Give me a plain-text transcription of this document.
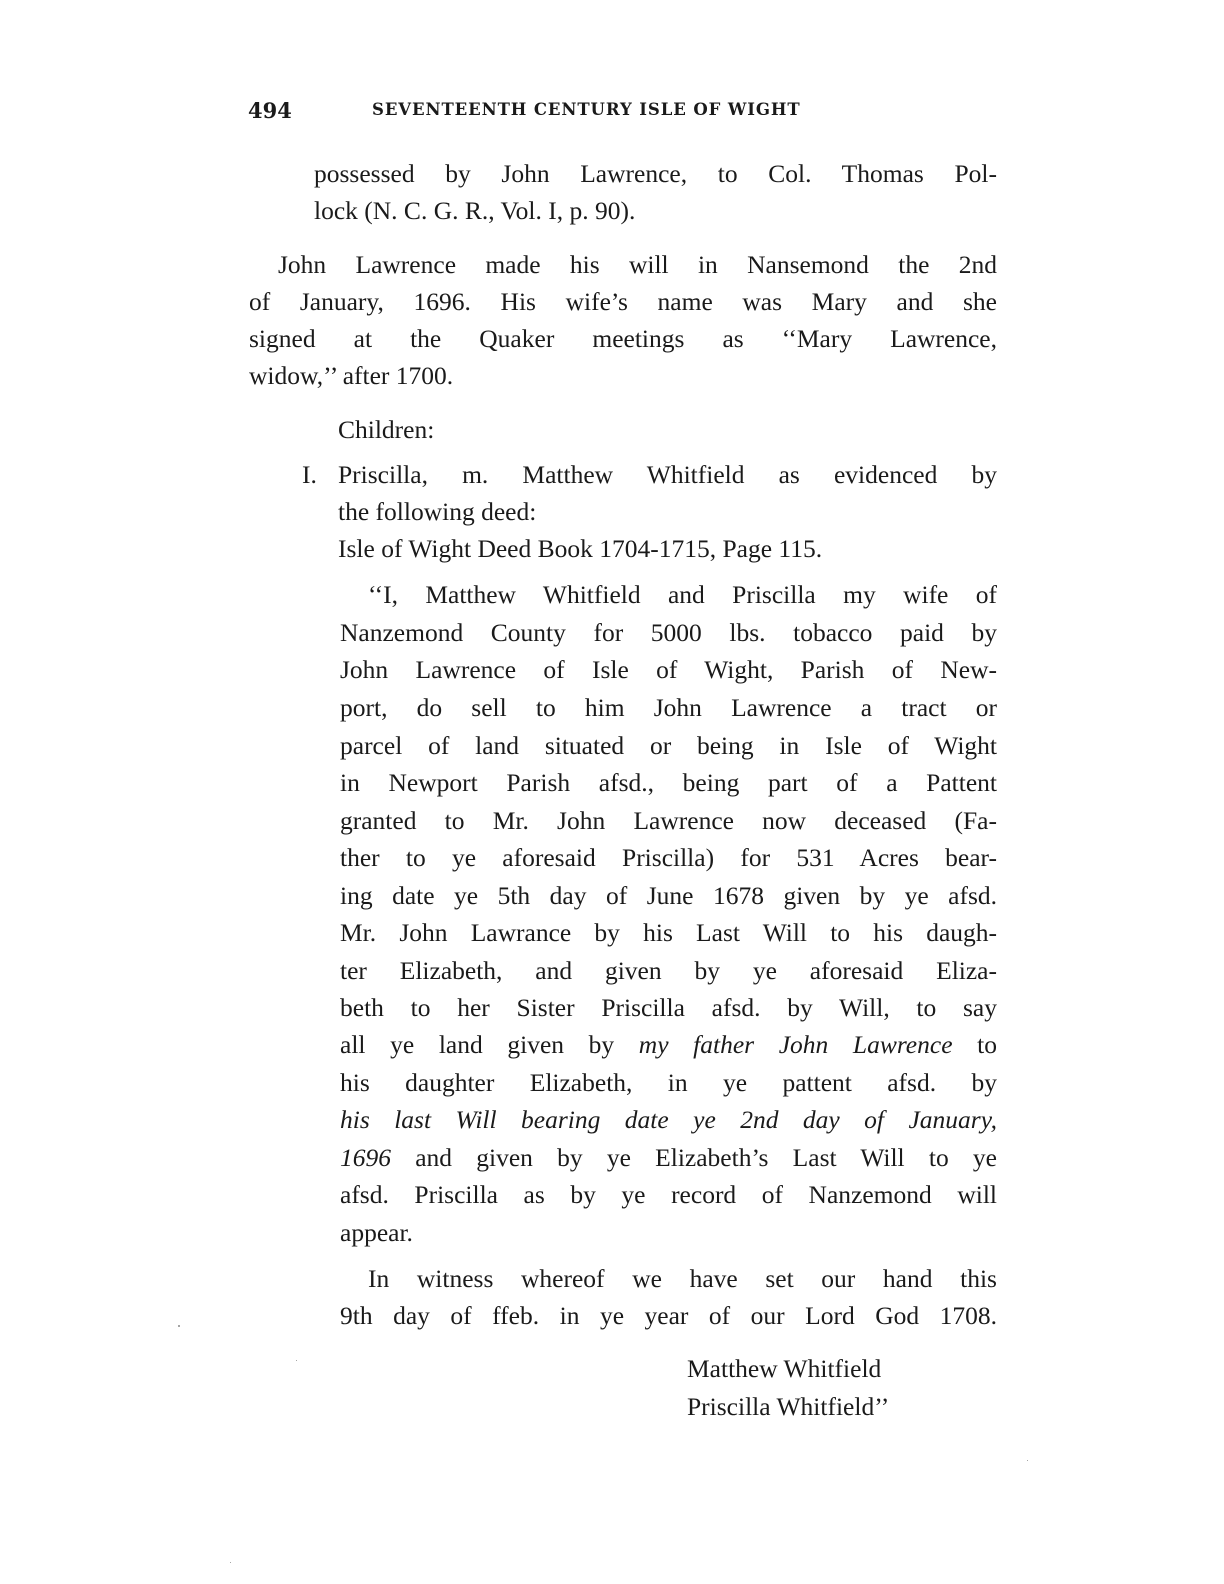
494	SEVENTEENTH CENTURY ISLE OF WIGHT
possessed by John Lawrence, to Col. Thomas Pol-
lock (N. C. G. R., Vol. I, p. 90).
John Lawrence made his will in Nansemond the 2nd
of January, 1696. His wife’s name was Mary and she
signed at the Quaker meetings as ‘‘Mary Lawrence,
widow,’’ after 1700.
Children:
I. Priscilla, m. Matthew Whitfield as evidenced by
the following deed:
Isle of Wight Deed Book 1704-1715, Page 115.
‘‘I, Matthew Whitfield and Priscilla my wife of
Nanzemond County for 5000 lbs. tobacco paid by
John Lawrence of Isle of Wight, Parish of New-
port, do sell to him John Lawrence a tract or
parcel of land situated or being in Isle of Wight
in Newport Parish afsd., being part of a Pattent
granted to Mr. John Lawrence now deceased (Fa-
ther to ye aforesaid Priscilla) for 531 Acres bear-
ing date ye 5th day of June 1678 given by ye afsd.
Mr. John Lawrance by his Last Will to his daugh-
ter Elizabeth, and given by ye aforesaid Eliza-
beth to her Sister Priscilla afsd. by Will, to say
all ye land given by my father John Lawrence to
his daughter Elizabeth, in ye pattent afsd. by
his last Will bearing date ye 2nd day of January,
1696 and given by ye Elizabeth’s Last Will to ye
afsd. Priscilla as by ye record of Nanzemond will
appear.
In witness whereof we have set our hand this
9th day of ffeb. in ye year of our Lord God 1708.
Matthew Whitfield
Priscilla Whitfield’’
